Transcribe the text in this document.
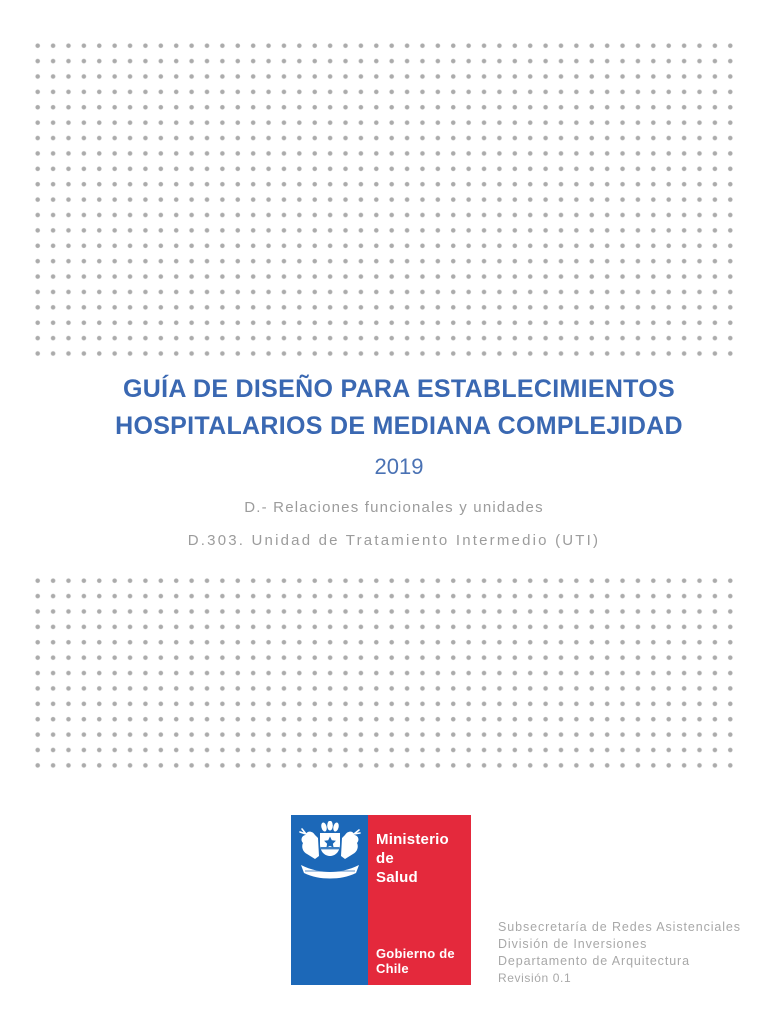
GUÍA DE DISEÑO PARA ESTABLECIMIENTOS
HOSPITALARIOS DE MEDIANA COMPLEJIDAD
2019
D.- Relaciones funcionales y unidades
D.303. Unidad de Tratamiento Intermedio (UTI)
Ministerio de
Salud
Gobierno de Chile
Subsecretaría de Redes Asistenciales
División de Inversiones
Departamento de Arquitectura
Revisión 0.1
